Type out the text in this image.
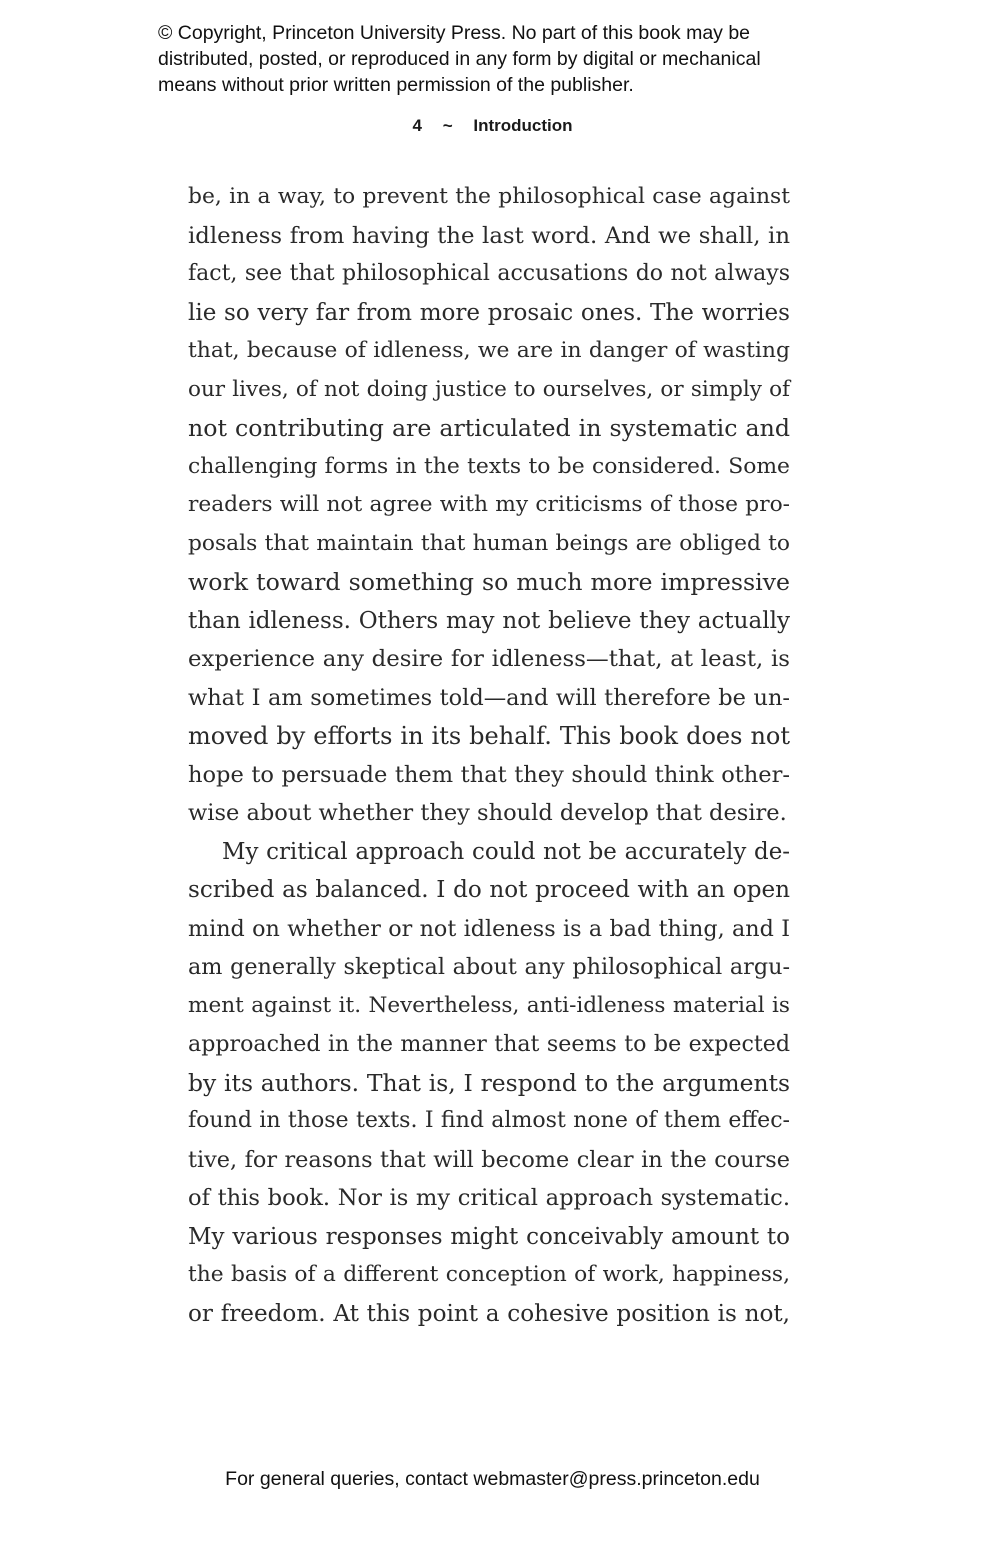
© Copyright, Princeton University Press. No part of this book may be
distributed, posted, or reproduced in any form by digital or mechanical
means without prior written permission of the publisher.
4 ~ Introduction
be, in a way, to prevent the philosophical case against
idleness from having the last word. And we shall, in
fact, see that philosophical accusations do not always
lie so very far from more prosaic ones. The worries
that, because of idleness, we are in danger of wasting
our lives, of not doing justice to ourselves, or simply of
not contributing are articulated in systematic and
challenging forms in the texts to be considered. Some
readers will not agree with my criticisms of those pro-
posals that maintain that human beings are obliged to
work toward something so much more impressive
than idleness. Others may not believe they actually
experience any desire for idleness—that, at least, is
what I am sometimes told—and will therefore be un-
moved by efforts in its behalf. This book does not
hope to persuade them that they should think other-
wise about whether they should develop that desire.
My critical approach could not be accurately de-
scribed as balanced. I do not proceed with an open
mind on whether or not idleness is a bad thing, and I
am generally skeptical about any philosophical argu-
ment against it. Nevertheless, anti-idleness material is
approached in the manner that seems to be expected
by its authors. That is, I respond to the arguments
found in those texts. I find almost none of them effec-
tive, for reasons that will become clear in the course
of this book. Nor is my critical approach systematic.
My various responses might conceivably amount to
the basis of a different conception of work, happiness,
or freedom. At this point a cohesive position is not,
For general queries, contact webmaster@press.princeton.edu
